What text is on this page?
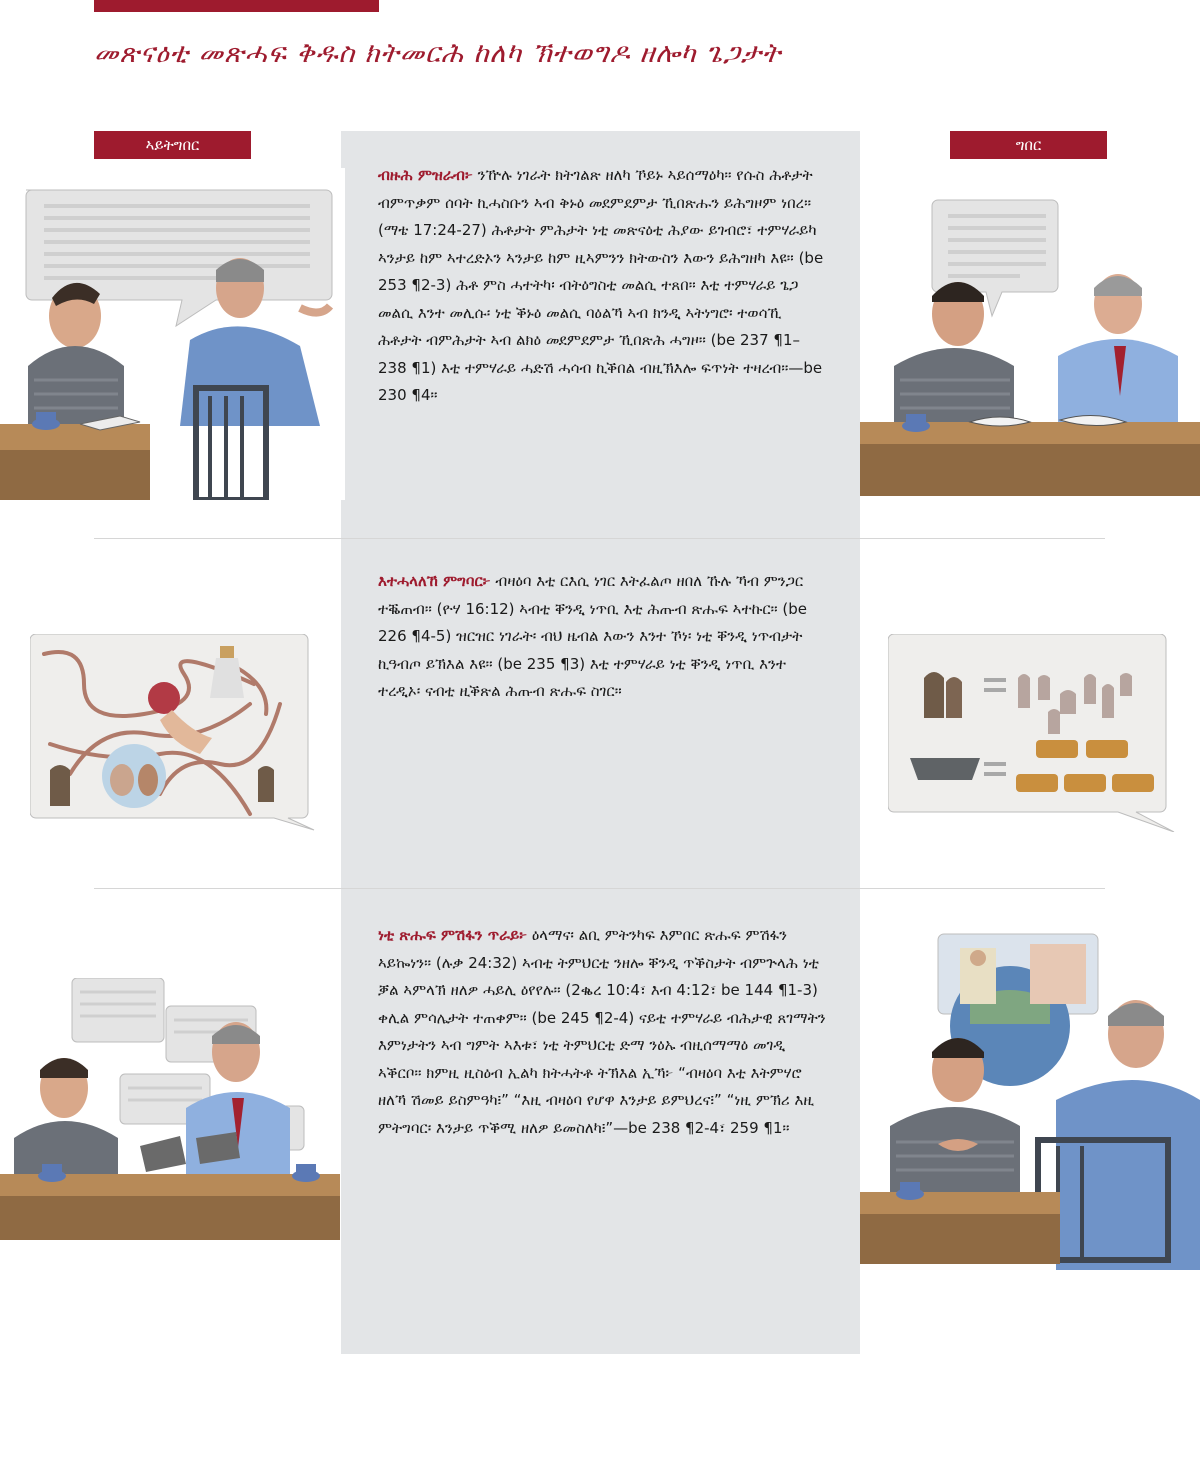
መጽናዕቲ መጽሓፍ ቅዱስ ክትመርሕ ከለካ ኽተወግዶ ዘሎካ ጌጋታት
ኣይትግበር	ግበር
ብዙሕ ምዝራብ፦ ንዅሉ ነገራት ክትገልጽ ዘለካ ኾይኑ ኣይሰማዕካ። የሱስ ሕቶታት ብምጥቃም ሰባት ኪሓስቡን ኣብ ቅኑዕ መደምደምታ ኺበጽሑን ይሕግዞም ነበረ። (ማቴ 17:24-27) ሕቶታት ምሕታት ነቲ መጽናዕቲ ሕያው ይገብሮ፣ ተምሃራይካ ኣንታይ ከም ኣተረድኦን ኣንታይ ከም ዚኣምንን ክትውስን እውን ይሕግዘካ እዩ። (be 253 ¶2-3) ሕቶ ምስ ሓተትካ፡ ብትዕግስቲ መልሲ ተጸበ። እቲ ተምሃራይ ጌጋ መልሲ እንተ መሊሱ፡ ነቲ ቕኑዕ መልሲ ባዕልኻ ኣብ ክንዲ ኣትነግሮ፡ ተወሳኺ ሕቶታት ብምሕታት ኣብ ልክዕ መደምደምታ ኺበጽሕ ሓግዞ። (be 237 ¶1–238 ¶1) እቲ ተምሃራይ ሓድሽ ሓሳብ ኪቕበል ብዚኽእሎ ፍጥነት ተዛረብ።—be 230 ¶4።
እተሓላለኸ ምግባር፦ ብዛዕባ እቲ ርእሲ ነገር እትፈልጦ ዘበለ ኹሉ ኻብ ምንጋር ተቘጠብ። (ዮሃ 16:12) ኣብቲ ቐንዲ ነጥቢ እቲ ሕጡብ ጽሑፍ ኣተኩር። (be 226 ¶4-5) ዝርዝር ነገራት፡ ብህ ዜብል እውን እንተ ኾነ፡ ነቲ ቐንዲ ነጥብታት ኪዓብጦ ይኽእል እዩ። (be 235 ¶3) እቲ ተምሃራይ ነቲ ቐንዲ ነጥቢ እንተ ተረዲኦ፡ ናብቲ ዚቕጽል ሕጡብ ጽሑፍ ስገር።
ነቲ ጽሑፍ ምሽፋን ጥራይ፦ ዕላማና፡ ልቢ ምትንካፍ እምበር ጽሑፍ ምሽፋን ኣይኰነን። (ሉቃ 24:32) ኣብቲ ትምህርቲ ንዘሎ ቐንዲ ጥቕስታት ብምጕላሕ ነቲ ቓል ኣምላኽ ዘለዎ ሓይሊ ዕየየሉ። (2ቈረ 10:4፣ እብ 4:12፣ be 144 ¶1-3) ቀሊል ምሳሌታት ተጠቀም። (be 245 ¶2-4) ናይቲ ተምሃራይ ብሕታዊ ጸገማትን እምነታትን ኣብ ግምት ኣእቱ፣ ነቲ ትምህርቲ ድማ ንዕኡ ብዚሰማማዕ መገዲ ኣቕርቦ። ክምዚ ዚስዕብ ኢልካ ክትሓትቶ ትኽእል ኢኻ፦ “ብዛዕባ እቲ እትምሃሮ ዘለኻ ሽመይ ይስምዓካ፧” “እዚ ብዛዕባ የሆዋ እንታይ ይምህረና፧” “ነዚ ምኽሪ እዚ ምትግባር፡ እንታይ ጥቕሚ ዘለዎ ይመስለካ፧”—be 238 ¶2-4፣ 259 ¶1።
